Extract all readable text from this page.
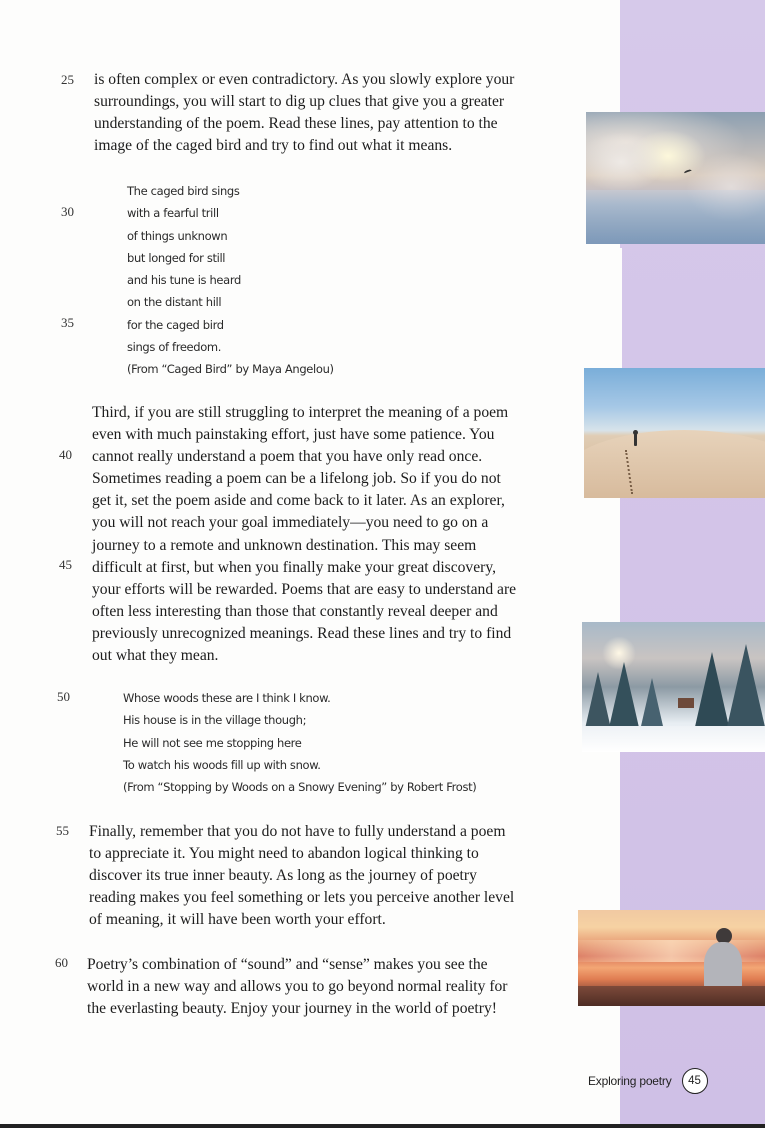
25
30
35
40
45
50
55
60
is often complex or even contradictory. As you slowly explore your
surroundings, you will start to dig up clues that give you a greater
understanding of the poem. Read these lines, pay attention to the
image of the caged bird and try to find out what it means.
The caged bird sings
with a fearful trill
of things unknown
but longed for still
and his tune is heard
on the distant hill
for the caged bird
sings of freedom.
(From “Caged Bird” by Maya Angelou)
Third, if you are still struggling to interpret the meaning of a poem
even with much painstaking effort, just have some patience. You
cannot really understand a poem that you have only read once.
Sometimes reading a poem can be a lifelong job. So if you do not
get it, set the poem aside and come back to it later. As an explorer,
you will not reach your goal immediately—you need to go on a
journey to a remote and unknown destination. This may seem
difficult at first, but when you finally make your great discovery,
your efforts will be rewarded. Poems that are easy to understand are
often less interesting than those that constantly reveal deeper and
previously unrecognized meanings. Read these lines and try to find
out what they mean.
Whose woods these are I think I know.
His house is in the village though;
He will not see me stopping here
To watch his woods fill up with snow.
(From “Stopping by Woods on a Snowy Evening” by Robert Frost)
Finally, remember that you do not have to fully understand a poem
to appreciate it. You might need to abandon logical thinking to
discover its true inner beauty. As long as the journey of poetry
reading makes you feel something or lets you perceive another level
of meaning, it will have been worth your effort.
Poetry’s combination of “sound” and “sense” makes you see the
world in a new way and allows you to go beyond normal reality for
the everlasting beauty. Enjoy your journey in the world of poetry!
Exploring poetry	45
